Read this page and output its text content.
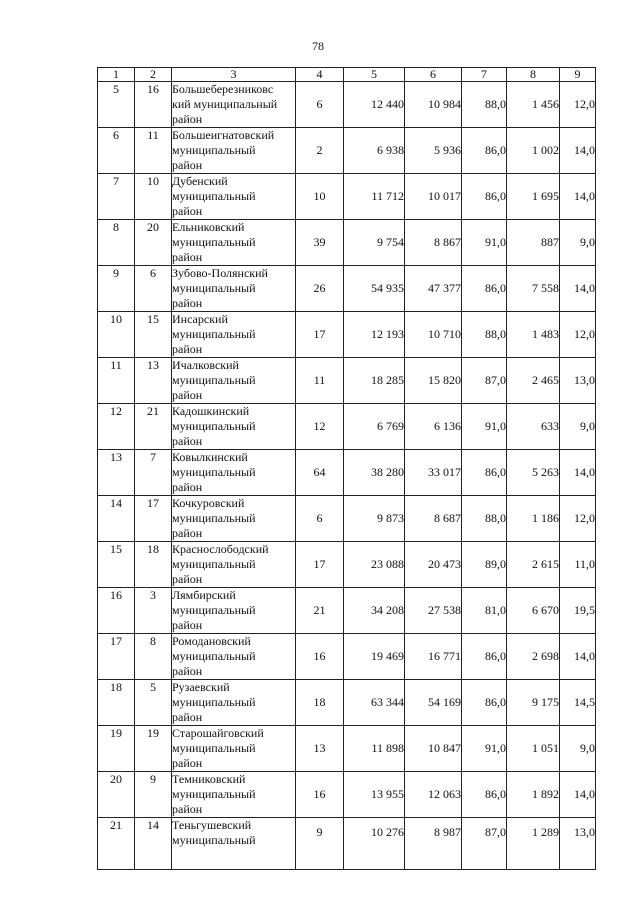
78
1	2	3	4	5	6	7	8	9
5	16	Большеберезниковс
кий муниципальный
район	6	12 440	10 984	88,0	1 456	12,0
6	11	Большеигнатовский
муниципальный
район	2	6 938	5 936	86,0	1 002	14,0
7	10	Дубенский
муниципальный
район	10	11 712	10 017	86,0	1 695	14,0
8	20	Ельниковский
муниципальный
район	39	9 754	8 867	91,0	887	9,0
9	6	Зубово-Полянский
муниципальный
район	26	54 935	47 377	86,0	7 558	14,0
10	15	Инсарский
муниципальный
район	17	12 193	10 710	88,0	1 483	12,0
11	13	Ичалковский
муниципальный
район	11	18 285	15 820	87,0	2 465	13,0
12	21	Кадошкинский
муниципальный
район	12	6 769	6 136	91,0	633	9,0
13	7	Ковылкинский
муниципальный
район	64	38 280	33 017	86,0	5 263	14,0
14	17	Кочкуровский
муниципальный
район	6	9 873	8 687	88,0	1 186	12,0
15	18	Краснослободский
муниципальный
район	17	23 088	20 473	89,0	2 615	11,0
16	3	Лямбирский
муниципальный
район	21	34 208	27 538	81,0	6 670	19,5
17	8	Ромодановский
муниципальный
район	16	19 469	16 771	86,0	2 698	14,0
18	5	Рузаевский
муниципальный
район	18	63 344	54 169	86,0	9 175	14,5
19	19	Старошайговский
муниципальный
район	13	11 898	10 847	91,0	1 051	9,0
20	9	Темниковский
муниципальный
район	16	13 955	12 063	86,0	1 892	14,0
21	14	Теньгушевский
муниципальный	9	10 276	8 987	87,0	1 289	13,0
